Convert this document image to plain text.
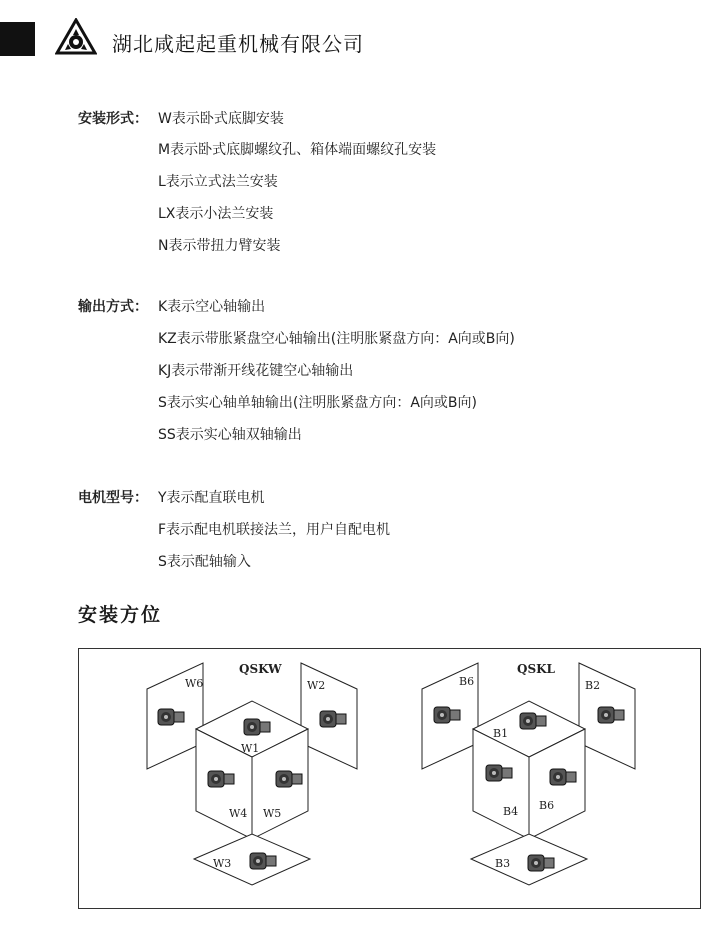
湖北咸起起重机械有限公司
安装形式： W表示卧式底脚安装
M表示卧式底脚螺纹孔、箱体端面螺纹孔安装
L表示立式法兰安装
LX表示小法兰安装
N表示带扭力臂安装
输出方式： K表示空心轴输出
KZ表示带胀紧盘空心轴输出(注明胀紧盘方向：A向或B向)
KJ表示带渐开线花键空心轴输出
S表示实心轴单轴输出(注明胀紧盘方向：A向或B向)
SS表示实心轴双轴输出
电机型号： Y表示配直联电机
F表示配电机联接法兰，用户自配电机
S表示配轴输入
安装方位
QSKW
W6	W2
W1
W4 W5
W3
QSKL
B6	B2
B1
B4 B6
B3
